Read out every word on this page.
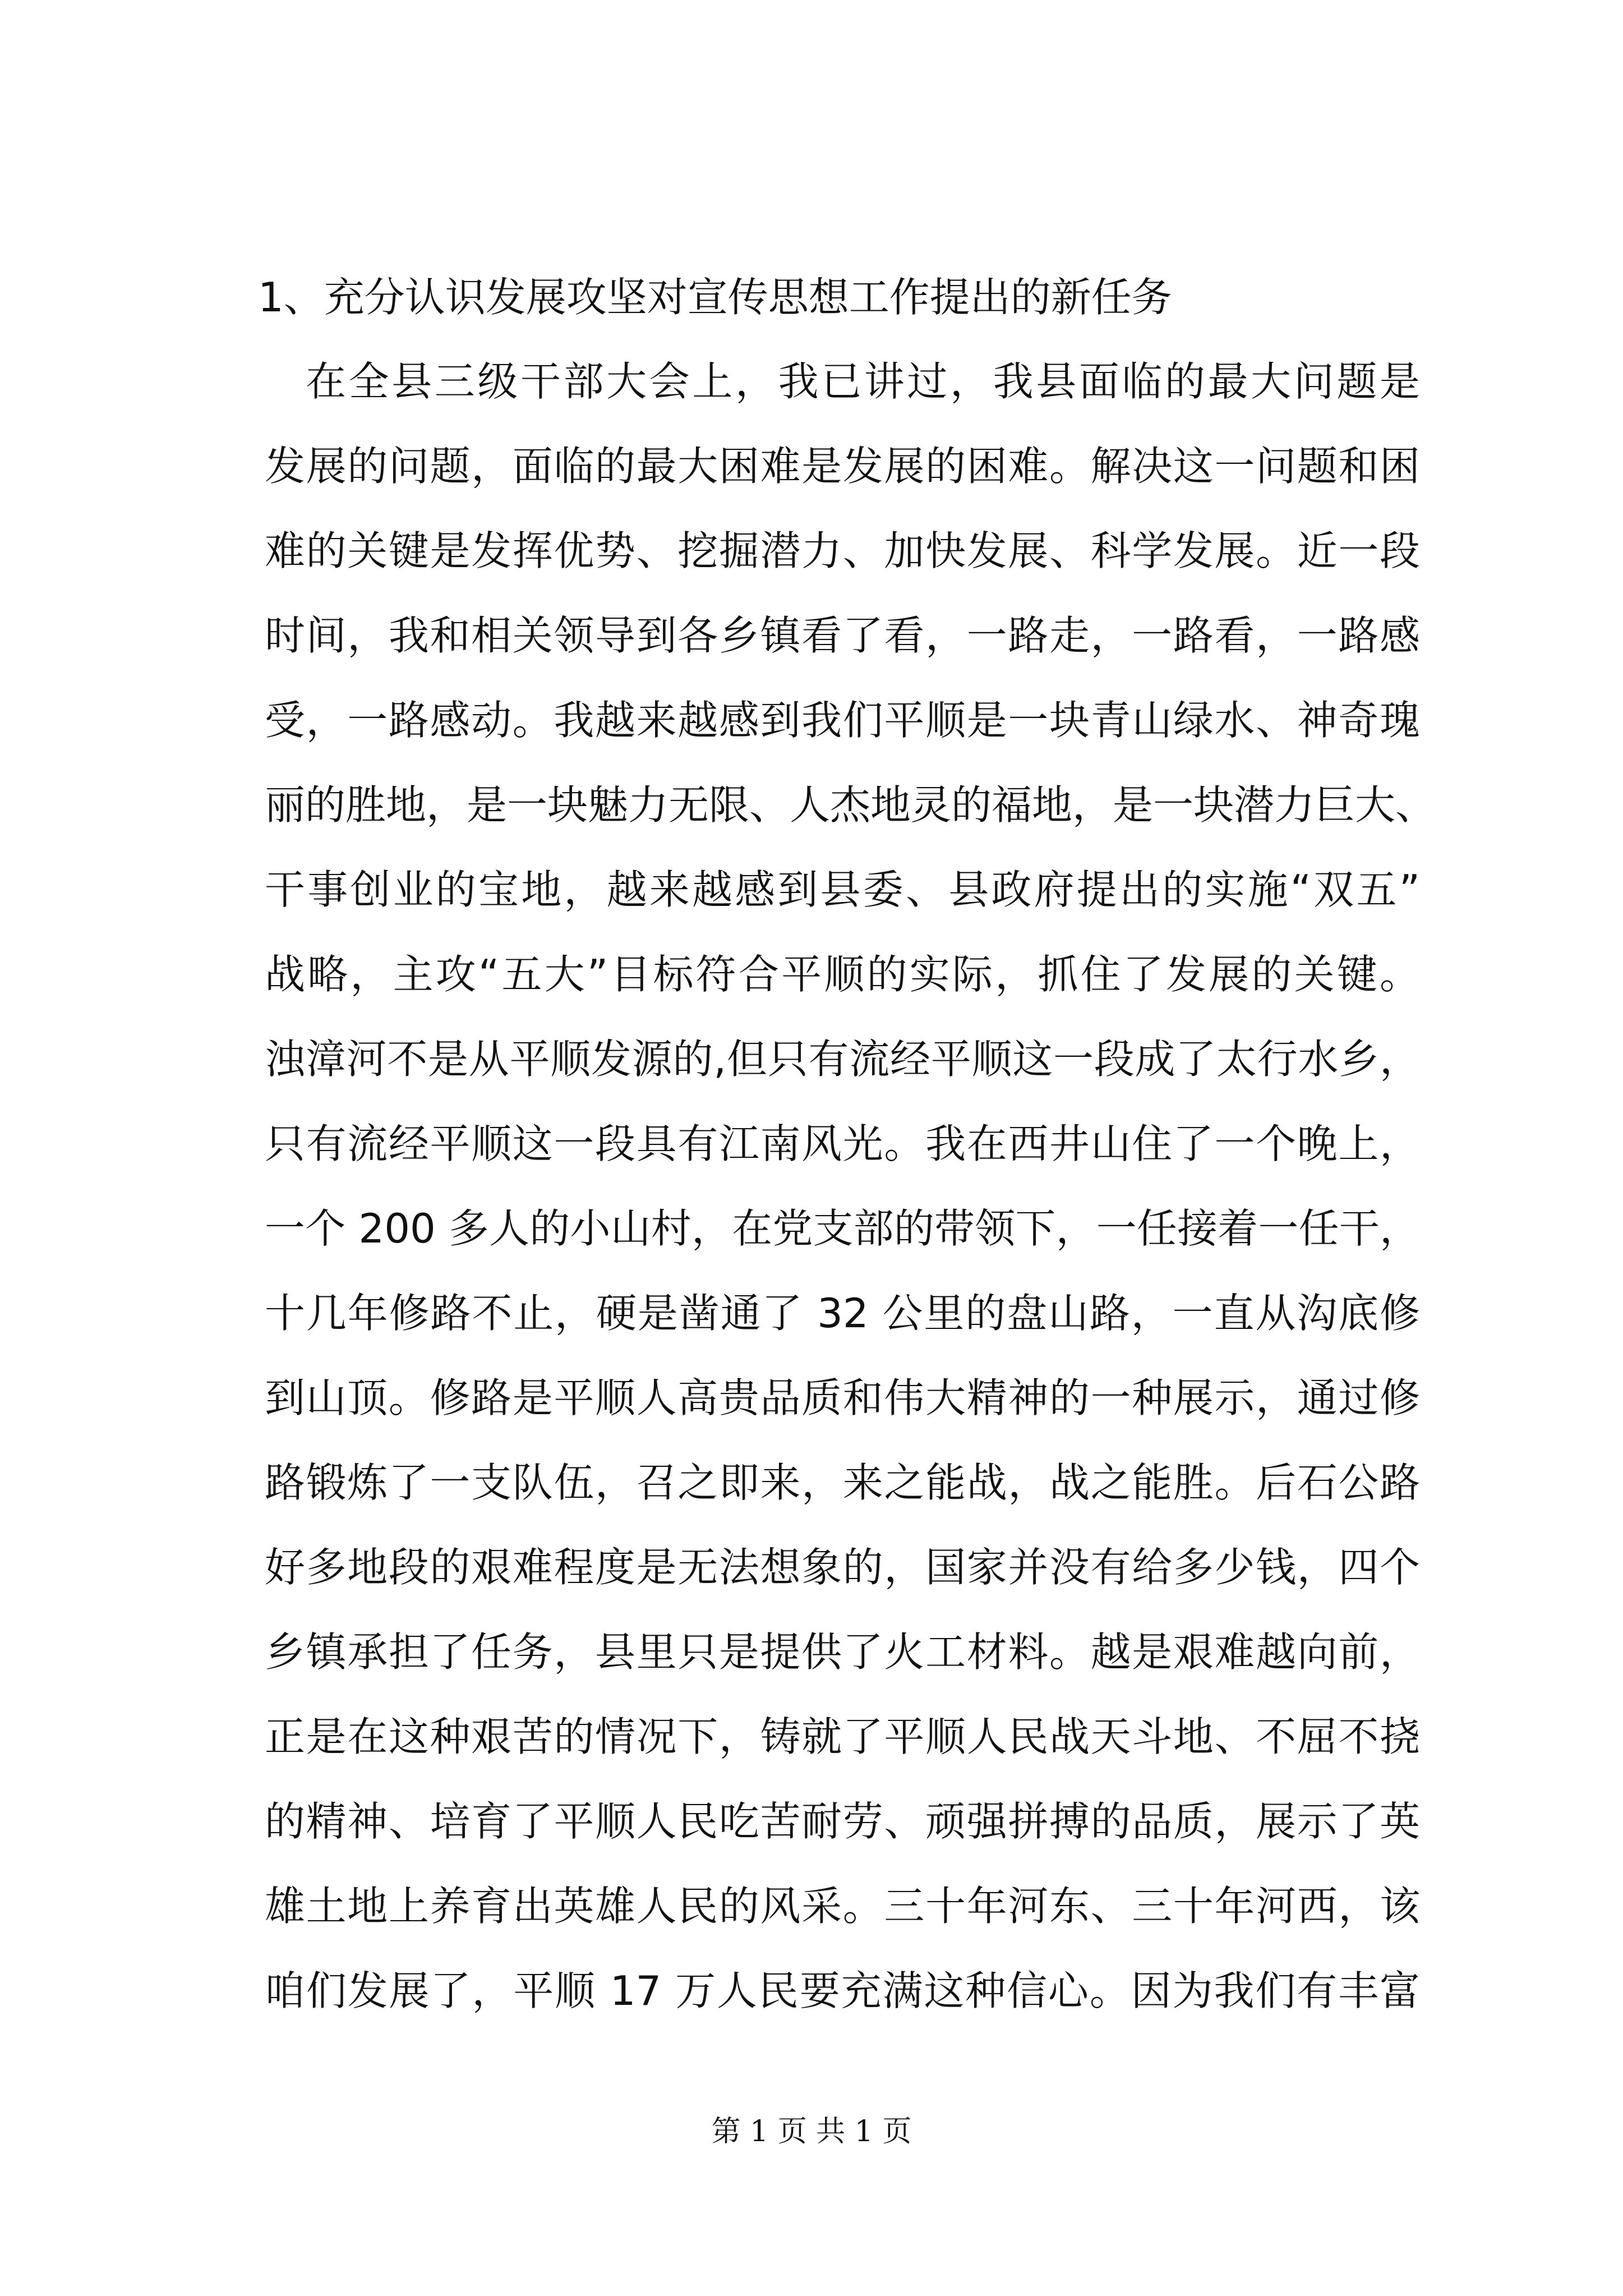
1、充分认识发展攻坚对宣传思想工作提出的新任务
在全县三级干部大会上，我已讲过，我县面临的最大问题是
发展的问题，面临的最大困难是发展的困难。解决这一问题和困
难的关键是发挥优势、挖掘潜力、加快发展、科学发展。近一段
时间，我和相关领导到各乡镇看了看，一路走，一路看，一路感
受，一路感动。我越来越感到我们平顺是一块青山绿水、神奇瑰
丽的胜地，是一块魅力无限、人杰地灵的福地，是一块潜力巨大、
干事创业的宝地，越来越感到县委、县政府提出的实施“双五”
战略，主攻“五大”目标符合平顺的实际，抓住了发展的关键。
浊漳河不是从平顺发源的,但只有流经平顺这一段成了太行水乡，
只有流经平顺这一段具有江南风光。我在西井山住了一个晚上，
一个 200 多人的小山村，在党支部的带领下，一任接着一任干，
十几年修路不止，硬是凿通了 32 公里的盘山路，一直从沟底修
到山顶。修路是平顺人高贵品质和伟大精神的一种展示，通过修
路锻炼了一支队伍，召之即来，来之能战，战之能胜。后石公路
好多地段的艰难程度是无法想象的，国家并没有给多少钱，四个
乡镇承担了任务，县里只是提供了火工材料。越是艰难越向前，
正是在这种艰苦的情况下，铸就了平顺人民战天斗地、不屈不挠
的精神、培育了平顺人民吃苦耐劳、顽强拼搏的品质，展示了英
雄土地上养育出英雄人民的风采。三十年河东、三十年河西，该
咱们发展了，平顺 17 万人民要充满这种信心。因为我们有丰富
第 1 页 共 1 页
